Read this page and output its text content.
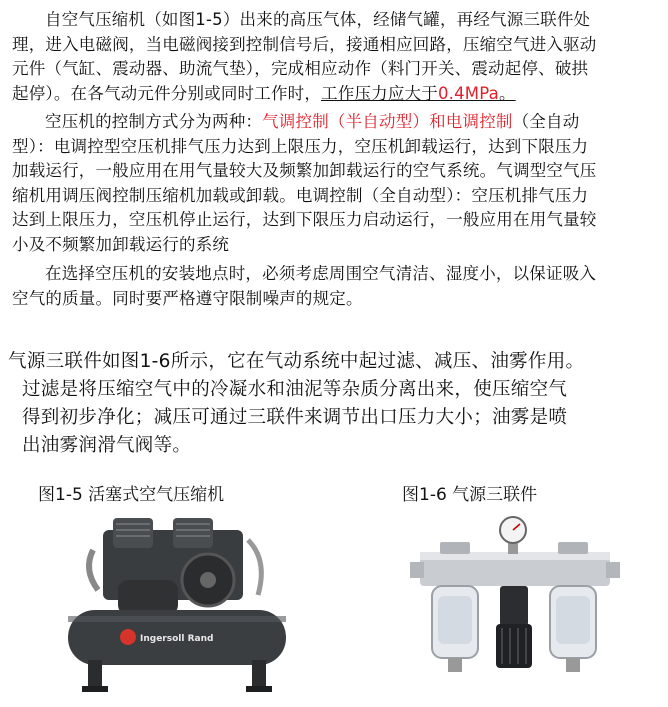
自空气压缩机（如图1-5）出来的高压气体，经储气罐，再经气源三联件处
理，进入电磁阀，当电磁阀接到控制信号后，接通相应回路，压缩空气进入驱动
元件（气缸、震动器、助流气垫），完成相应动作（料门开关、震动起停、破拱
起停）。在各气动元件分别或同时工作时，工作压力应大于0.4MPa。
空压机的控制方式分为两种：气调控制（半自动型）和电调控制（全自动
型）：电调控型空压机排气压力达到上限压力，空压机卸载运行，达到下限压力
加载运行，一般应用在用气量较大及频繁加卸载运行的空气系统。气调型空气压
缩机用调压阀控制压缩机加载或卸载。电调控制（全自动型）：空压机排气压力
达到上限压力，空压机停止运行，达到下限压力启动运行，一般应用在用气量较
小及不频繁加卸载运行的系统
在选择空压机的安装地点时，必须考虑周围空气清洁、湿度小，以保证吸入
空气的质量。同时要严格遵守限制噪声的规定。
气源三联件如图1-6所示，它在气动系统中起过滤、减压、油雾作用。
过滤是将压缩空气中的冷凝水和油泥等杂质分离出来，使压缩空气
得到初步净化；减压可通过三联件来调节出口压力大小；油雾是喷
出油雾润滑气阀等。
图1-5 活塞式空气压缩机	图1-6 气源三联件
Ingersoll Rand
